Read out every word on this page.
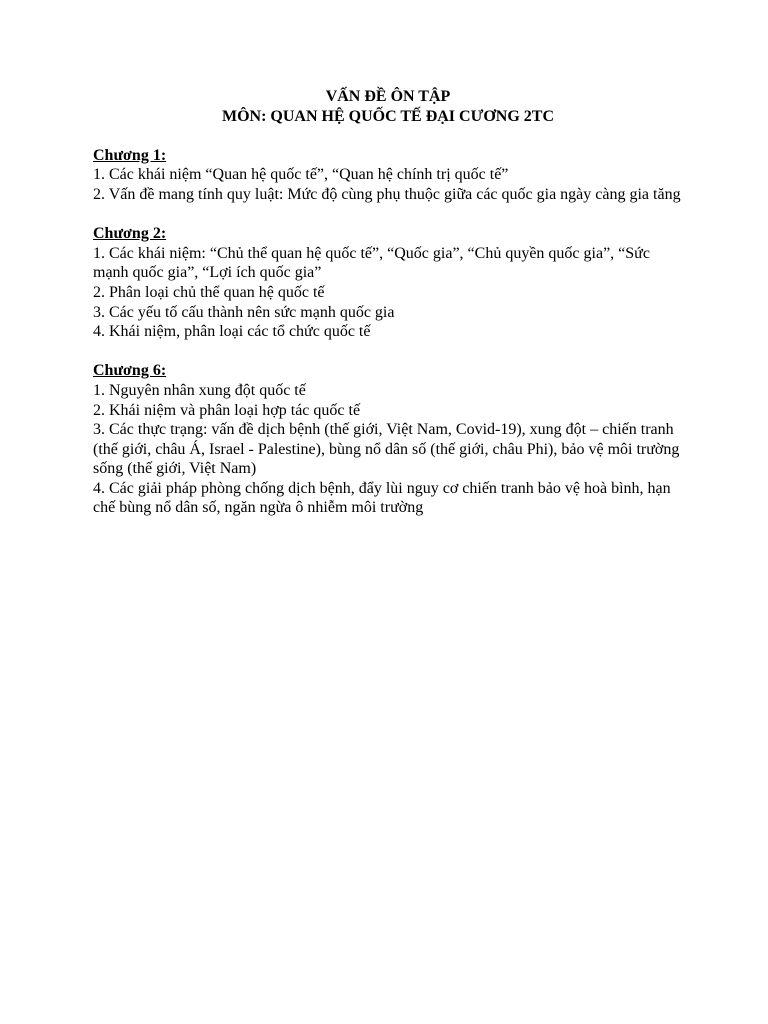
VẤN ĐỀ ÔN TẬP

MÔN: QUAN HỆ QUỐC TẾ ĐẠI CƯƠNG 2TC

Chương 1:

1. Các khái niệm “Quan hệ quốc tế”, “Quan hệ chính trị quốc tế”

2. Vấn đề mang tính quy luật: Mức độ cùng phụ thuộc giữa các quốc gia ngày càng gia tăng

Chương 2:

1. Các khái niệm: “Chủ thể quan hệ quốc tế”, “Quốc gia”, “Chủ quyền quốc gia”, “Sức mạnh quốc gia”, “Lợi ích quốc gia”

2. Phân loại chủ thể quan hệ quốc tế

3. Các yếu tố cấu thành nên sức mạnh quốc gia

4. Khái niệm, phân loại các tổ chức quốc tế

Chương 6:

1. Nguyên nhân xung đột quốc tế

2. Khái niệm và phân loại hợp tác quốc tế

3. Các thực trạng: vấn đề dịch bệnh (thế giới, Việt Nam, Covid-19), xung đột – chiến tranh (thế giới, châu Á, Israel - Palestine), bùng nổ dân số (thế giới, châu Phi), bảo vệ môi trường sống (thế giới, Việt Nam)

4. Các giải pháp phòng chống dịch bệnh, đẩy lùi nguy cơ chiến tranh bảo vệ hoà bình, hạn chế bùng nổ dân số, ngăn ngừa ô nhiễm môi trường
